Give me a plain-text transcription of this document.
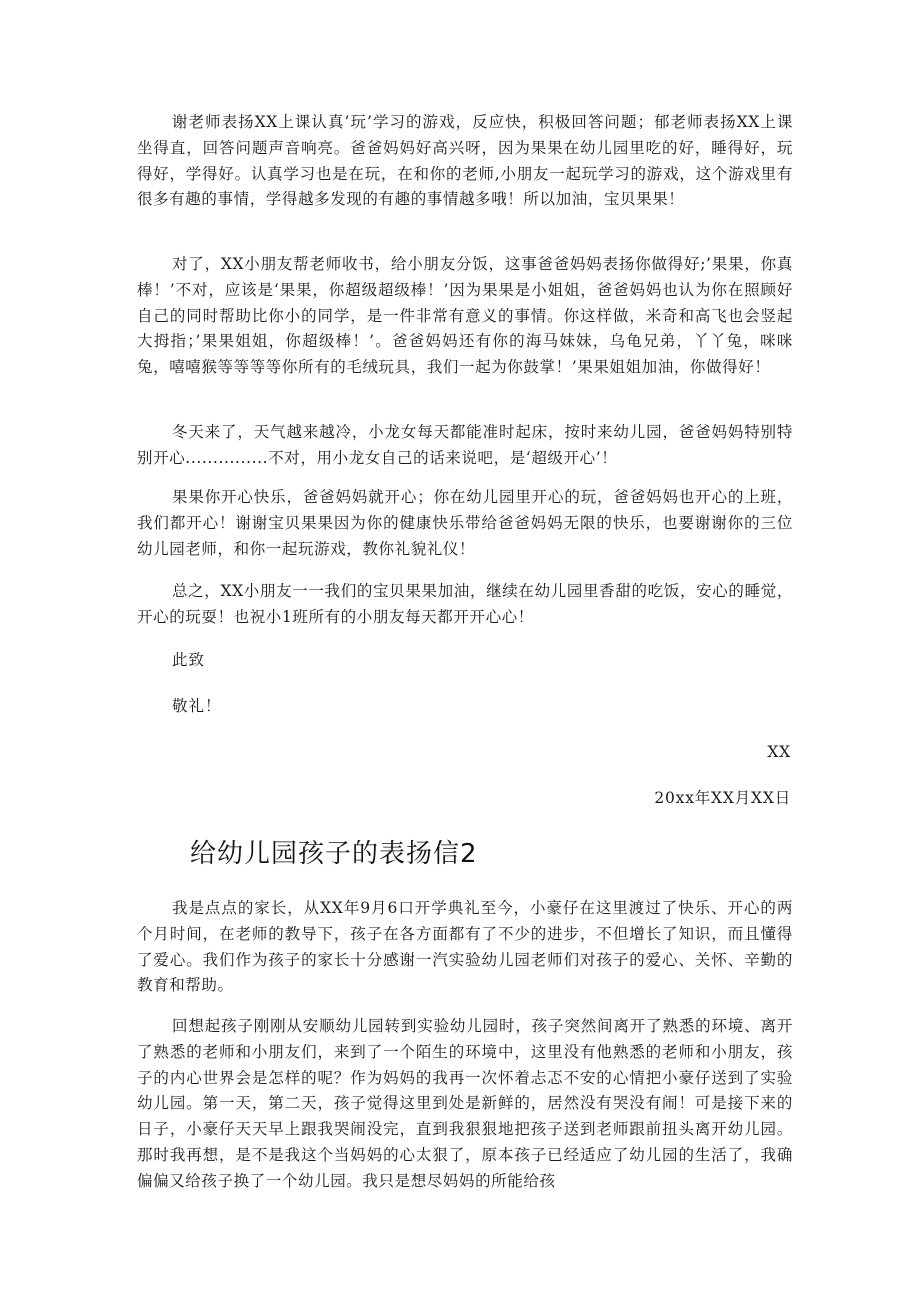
谢老师表扬XX上课认真’玩’学习的游戏，反应快，积极回答问题；郁老师表扬XX上课坐得直，回答问题声音响亮。爸爸妈妈好高兴呀，因为果果在幼儿园里吃的好，睡得好，玩得好，学得好。认真学习也是在玩，在和你的老师,小朋友一起玩学习的游戏，这个游戏里有很多有趣的事情，学得越多发现的有趣的事情越多哦！所以加油，宝贝果果！

对了，XX小朋友帮老师收书，给小朋友分饭，这事爸爸妈妈表扬你做得好;’果果，你真棒！’不对，应该是‘果果，你超级超级棒！’因为果果是小姐姐，爸爸妈妈也认为你在照顾好自己的同时帮助比你小的同学，是一件非常有意义的事情。你这样做，米奇和高飞也会竖起大拇指；’果果姐姐，你超级棒！’。爸爸妈妈还有你的海马妹妹，乌龟兄弟，丫丫兔，咪咪兔，嘻嘻猴等等等等你所有的毛绒玩具，我们一起为你鼓掌！’果果姐姐加油，你做得好！

冬天来了，天气越来越冷，小龙女每天都能准时起床，按时来幼儿园，爸爸妈妈特别特别开心...............不对，用小龙女自己的话来说吧，是‘超级开心’！

果果你开心快乐，爸爸妈妈就开心；你在幼儿园里开心的玩，爸爸妈妈也开心的上班，我们都开心！谢谢宝贝果果因为你的健康快乐带给爸爸妈妈无限的快乐，也要谢谢你的三位幼儿园老师，和你一起玩游戏，教你礼貌礼仪！

总之，XX小朋友一一我们的宝贝果果加油，继续在幼儿园里香甜的吃饭，安心的睡觉，开心的玩耍！也祝小1班所有的小朋友每天都开开心心！

此致

敬礼！

XX

20xx年XX月XX日

给幼儿园孩子的表扬信2

我是点点的家长，从XX年9月6口开学典礼至今，小豪仔在这里渡过了快乐、开心的两个月时间，在老师的教导下，孩子在各方面都有了不少的进步，不但增长了知识，而且懂得了爱心。我们作为孩子的家长十分感谢一汽实验幼儿园老师们对孩子的爱心、关怀、辛勤的教育和帮助。

回想起孩子刚刚从安顺幼儿园转到实验幼儿园时，孩子突然间离开了熟悉的环境、离开了熟悉的老师和小朋友们，来到了一个陌生的环境中，这里没有他熟悉的老师和小朋友，孩子的内心世界会是怎样的呢？作为妈妈的我再一次怀着忐忑不安的心情把小豪仔送到了实验幼儿园。第一天，第二天，孩子觉得这里到处是新鲜的，居然没有哭没有闹！可是接下来的日子，小豪仔天天早上跟我哭闹没完，直到我狠狠地把孩子送到老师跟前扭头离开幼儿园。那时我再想，是不是我这个当妈妈的心太狠了，原本孩子已经适应了幼儿园的生活了，我确偏偏又给孩子换了一个幼儿园。我只是想尽妈妈的所能给孩
